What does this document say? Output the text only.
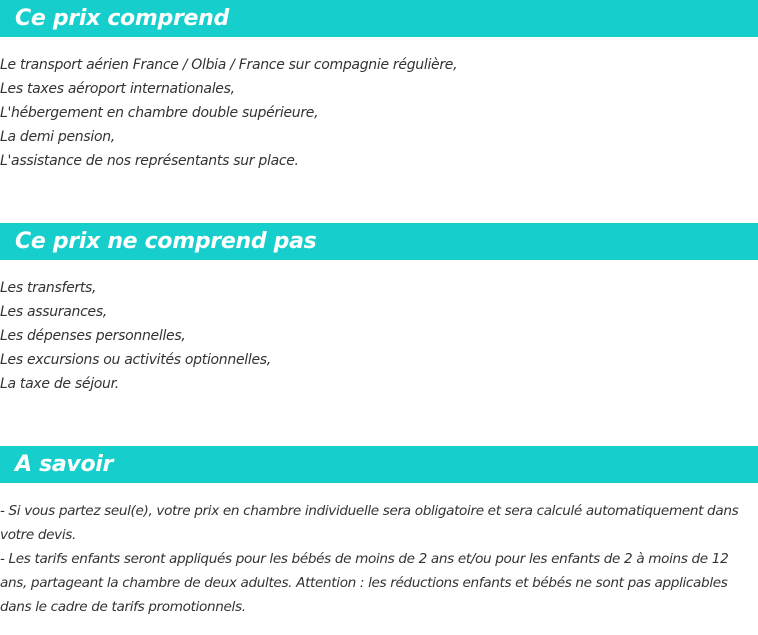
Ce prix comprend
Le transport aérien France / Olbia / France sur compagnie régulière,
Les taxes aéroport internationales,
L'hébergement en chambre double supérieure,
La demi pension,
L'assistance de nos représentants sur place.
Ce prix ne comprend pas
Les transferts,
Les assurances,
Les dépenses personnelles,
Les excursions ou activités optionnelles,
La taxe de séjour.
A savoir

- Si vous partez seul(e), votre prix en chambre individuelle sera obligatoire et sera calculé automatiquement dans votre devis.

- Les tarifs enfants seront appliqués pour les bébés de moins de 2 ans et/ou pour les enfants de 2 à moins de 12 ans, partageant la chambre de deux adultes. Attention : les réductions enfants et bébés ne sont pas applicables dans le cadre de tarifs promotionnels.
